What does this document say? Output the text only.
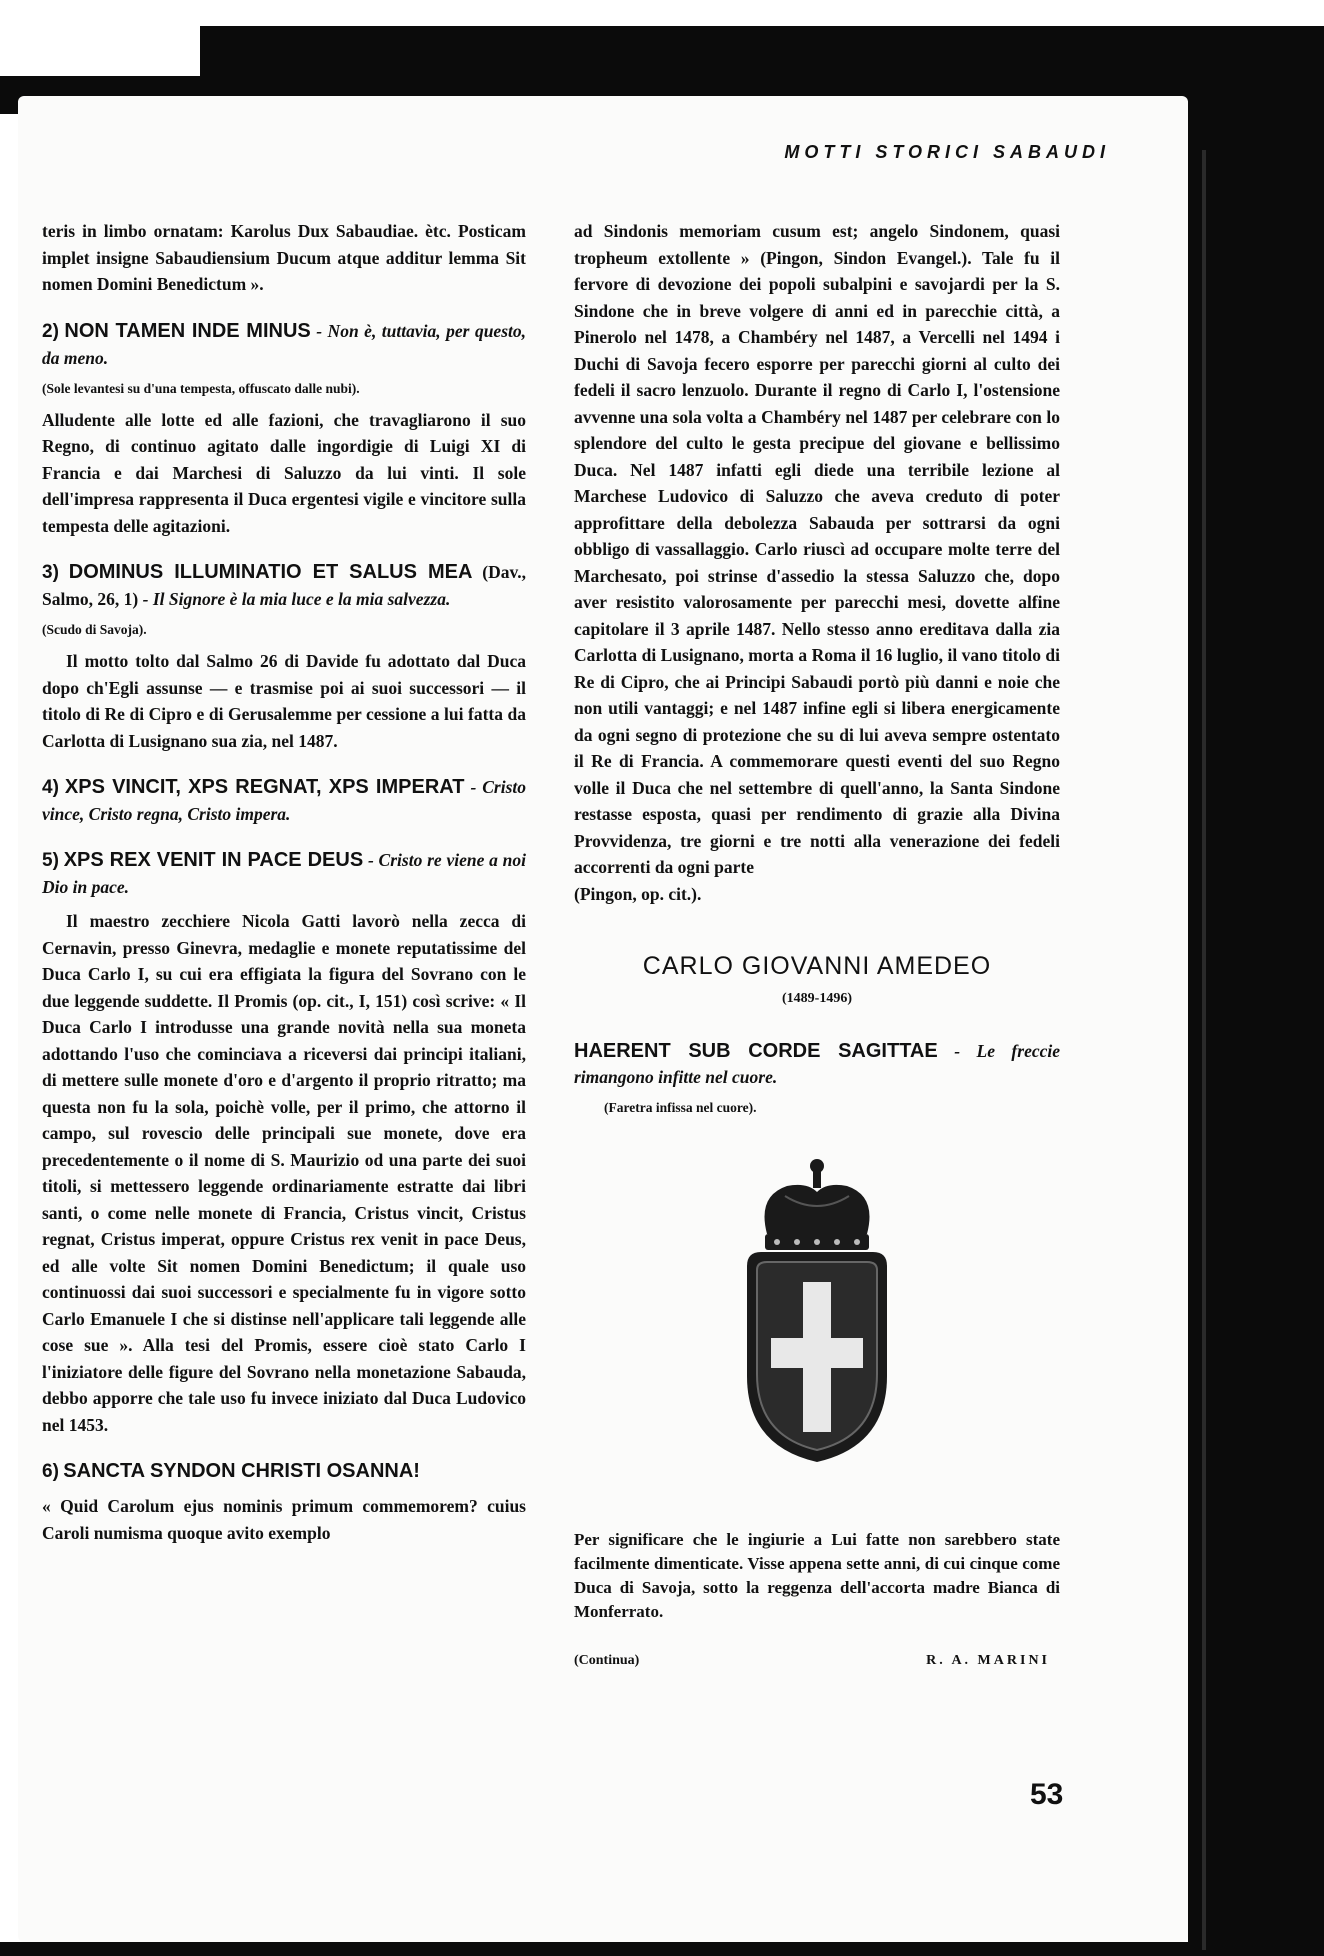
MOTTI STORICI SABAUDI

teris in limbo ornatam: Karolus Dux Sabaudiae. ètc. Posticam implet insigne Sabaudiensium Ducum atque additur lemma Sit nomen Domini Benedictum ».

2) NON TAMEN INDE MINUS - Non è, tuttavia, per questo, da meno.

(Sole levantesi su d'una tempesta, offuscato dalle nubi).

Alludente alle lotte ed alle fazioni, che travagliarono il suo Regno, di continuo agitato dalle ingordigie di Luigi XI di Francia e dai Marchesi di Saluzzo da lui vinti. Il sole dell'impresa rappresenta il Duca ergentesi vigile e vincitore sulla tempesta delle agitazioni.

3) DOMINUS ILLUMINATIO ET SALUS MEA (Dav., Salmo, 26, 1) - Il Signore è la mia luce e la mia salvezza.

(Scudo di Savoja).

Il motto tolto dal Salmo 26 di Davide fu adottato dal Duca dopo ch'Egli assunse — e trasmise poi ai suoi successori — il titolo di Re di Cipro e di Gerusalemme per cessione a lui fatta da Carlotta di Lusignano sua zia, nel 1487.

4) XPS VINCIT, XPS REGNAT, XPS IMPERAT - Cristo vince, Cristo regna, Cristo impera.
5) XPS REX VENIT IN PACE DEUS - Cristo re viene a noi Dio in pace.

Il maestro zecchiere Nicola Gatti lavorò nella zecca di Cernavin, presso Ginevra, medaglie e monete reputatissime del Duca Carlo I, su cui era effigiata la figura del Sovrano con le due leggende suddette. Il Promis (op. cit., I, 151) così scrive: « Il Duca Carlo I introdusse una grande novità nella sua moneta adottando l'uso che cominciava a riceversi dai principi italiani, di mettere sulle monete d'oro e d'argento il proprio ritratto; ma questa non fu la sola, poichè volle, per il primo, che attorno il campo, sul rovescio delle principali sue monete, dove era precedentemente o il nome di S. Maurizio od una parte dei suoi titoli, si mettessero leggende ordinariamente estratte dai libri santi, o come nelle monete di Francia, Cristus vincit, Cristus regnat, Cristus imperat, oppure Cristus rex venit in pace Deus, ed alle volte Sit nomen Domini Benedictum; il quale uso continuossi dai suoi successori e specialmente fu in vigore sotto Carlo Emanuele I che si distinse nell'applicare tali leggende alle cose sue ». Alla tesi del Promis, essere cioè stato Carlo I l'iniziatore delle figure del Sovrano nella monetazione Sabauda, debbo apporre che tale uso fu invece iniziato dal Duca Ludovico nel 1453.

6) SANCTA SYNDON CHRISTI OSANNA!

« Quid Carolum ejus nominis primum commemorem? cuius Caroli numisma quoque avito exemplo

ad Sindonis memoriam cusum est; angelo Sindonem, quasi tropheum extollente » (Pingon, Sindon Evangel.). Tale fu il fervore di devozione dei popoli subalpini e savojardi per la S. Sindone che in breve volgere di anni ed in parecchie città, a Pinerolo nel 1478, a Chambéry nel 1487, a Vercelli nel 1494 i Duchi di Savoja fecero esporre per parecchi giorni al culto dei fedeli il sacro lenzuolo. Durante il regno di Carlo I, l'ostensione avvenne una sola volta a Chambéry nel 1487 per celebrare con lo splendore del culto le gesta precipue del giovane e bellissimo Duca. Nel 1487 infatti egli diede una terribile lezione al Marchese Ludovico di Saluzzo che aveva creduto di poter approfittare della debolezza Sabauda per sottrarsi da ogni obbligo di vassallaggio. Carlo riuscì ad occupare molte terre del Marchesato, poi strinse d'assedio la stessa Saluzzo che, dopo aver resistito valorosamente per parecchi mesi, dovette alfine capitolare il 3 aprile 1487. Nello stesso anno ereditava dalla zia Carlotta di Lusignano, morta a Roma il 16 luglio, il vano titolo di Re di Cipro, che ai Principi Sabaudi portò più danni e noie che non utili vantaggi; e nel 1487 infine egli si libera energicamente da ogni segno di protezione che su di lui aveva sempre ostentato il Re di Francia. A commemorare questi eventi del suo Regno volle il Duca che nel settembre di quell'anno, la Santa Sindone restasse esposta, quasi per rendimento di grazie alla Divina Provvidenza, tre giorni e tre notti alla venerazione dei fedeli accorrenti da ogni parte

(Pingon, op. cit.).

CARLO GIOVANNI AMEDEO
(1489-1496)
HAERENT SUB CORDE SAGITTAE - Le freccie rimangono infitte nel cuore.

(Faretra infissa nel cuore).

Per significare che le ingiurie a Lui fatte non sarebbero state facilmente dimenticate. Visse appena sette anni, di cui cinque come Duca di Savoja, sotto la reggenza dell'accorta madre Bianca di Monferrato.

(Continua)	R. A. MARINI
53
